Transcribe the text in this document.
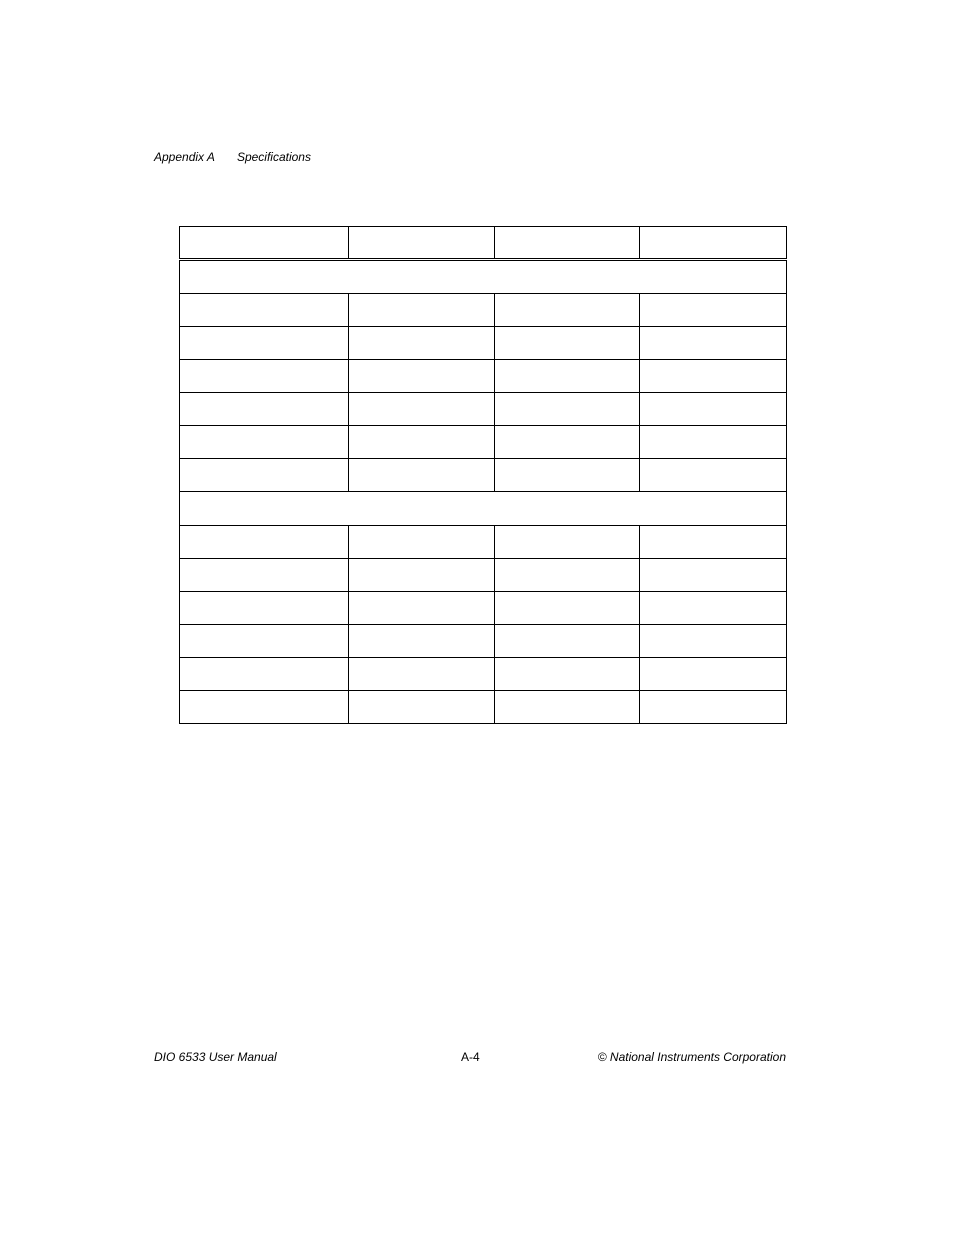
Appendix A Specifications

DIO 6533 User Manual	A-4	© National Instruments Corporation
